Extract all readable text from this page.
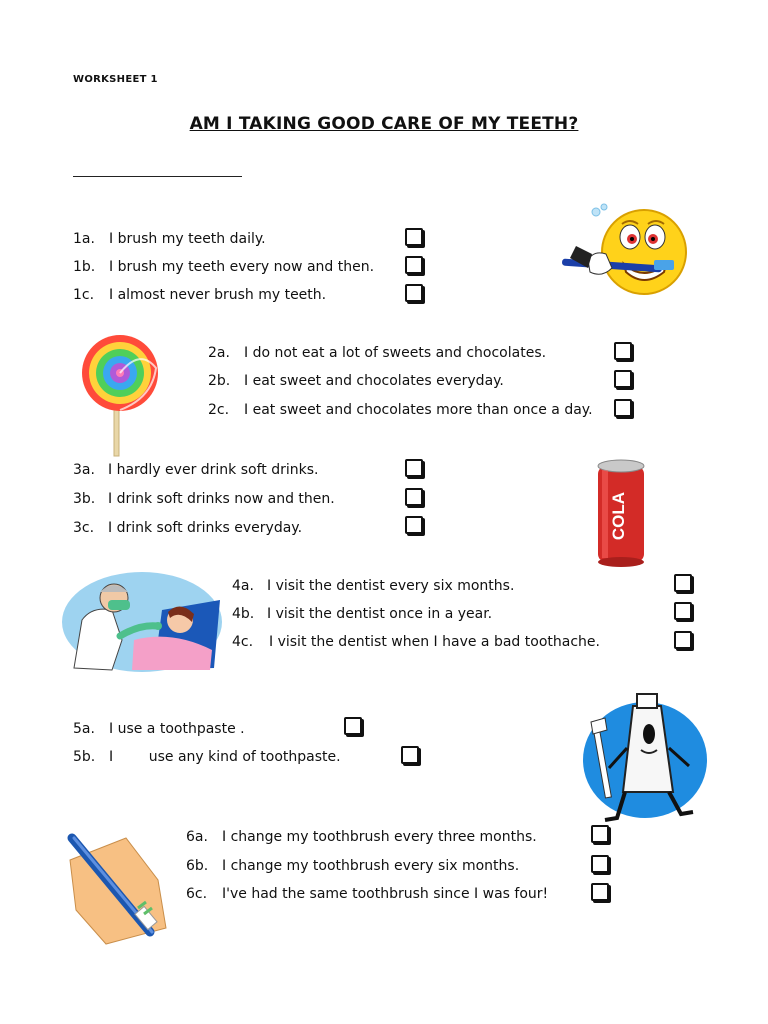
WORKSHEET 1
AM I TAKING GOOD CARE OF MY TEETH?
1a. I brush my teeth daily.
1b. I brush my teeth every now and then.
1c. I almost never brush my teeth.
2a. I do not eat a lot of sweets and chocolates.
2b. I eat sweet and chocolates everyday.
2c. I eat sweet and chocolates more than once a day.
3a. I hardly ever drink soft drinks.
3b. I drink soft drinks now and then.
3c. I drink soft drinks everyday.
4a. I visit the dentist every six months.
4b. I visit the dentist once in a year.
4c. I visit the dentist when I have a bad toothache.
5a. I use a toothpaste .
5b. I        use any kind of toothpaste.
6a. I change my toothbrush every three months.
6b. I change my toothbrush every six months.
6c. I've had the same toothbrush since I was four!
COLA
